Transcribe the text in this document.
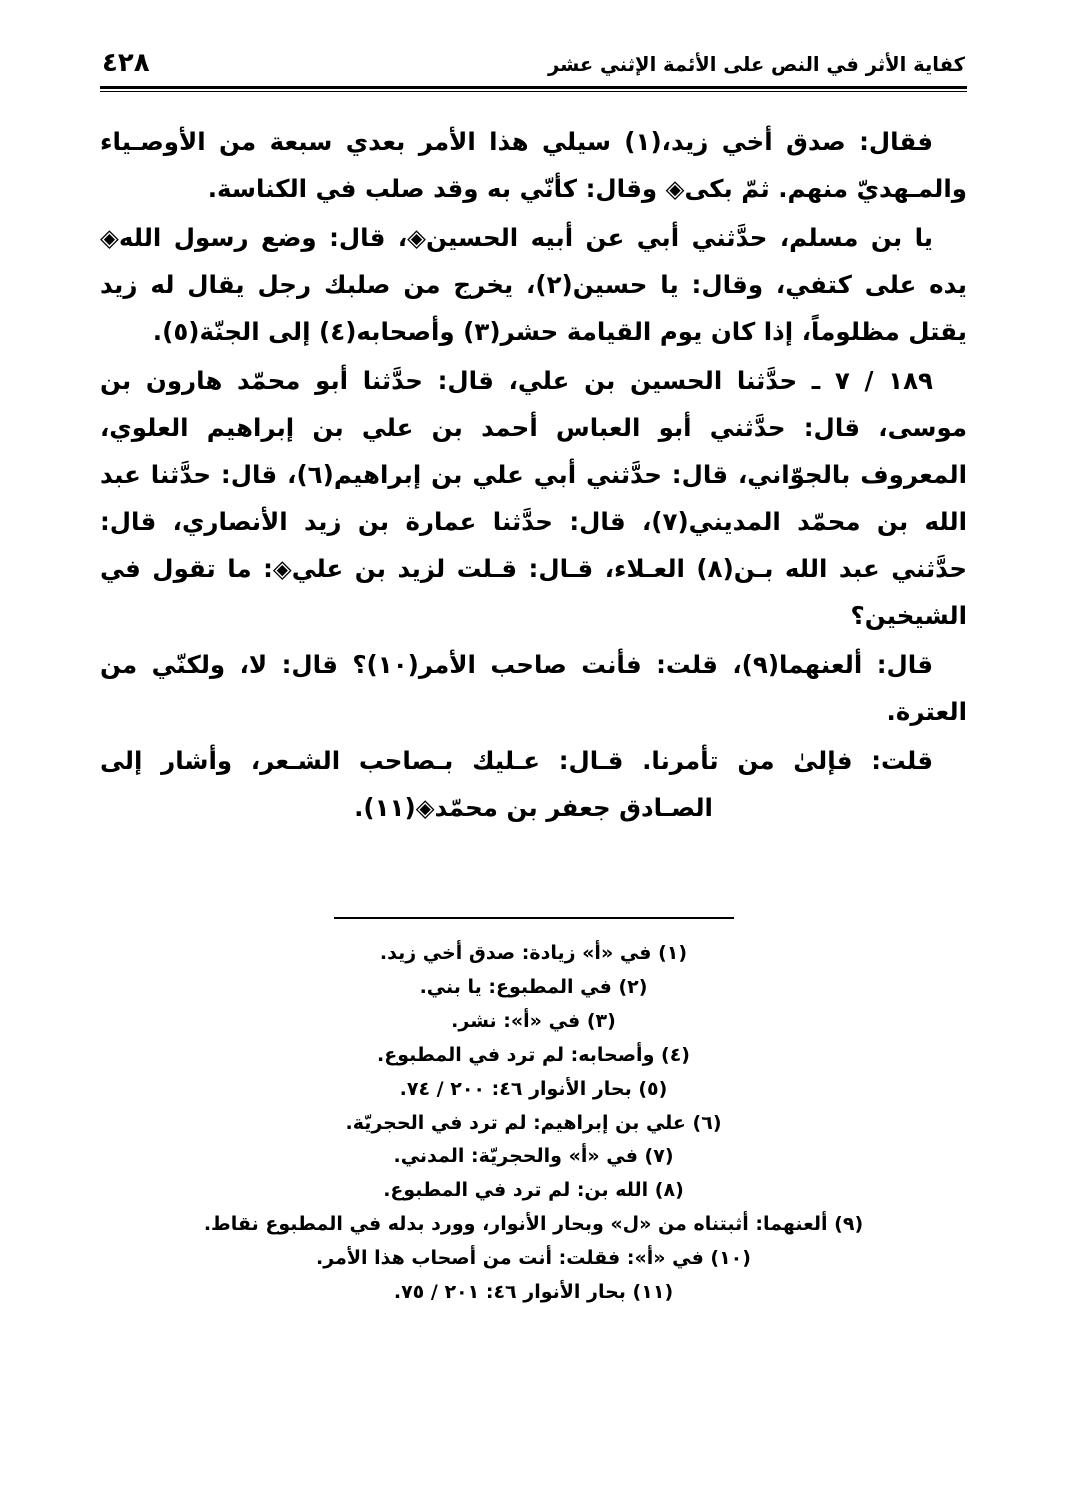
٤٢٨	كفاية الأثر في النص على الأئمة الإثني عشر

فقال: صدق أخي زيد،(١) سيلي هذا الأمر بعدي سبعة من الأوصـياء والمـهديّ منهم. ثمّ بكى◈ وقال: كأنّي به وقد صلب في الكناسة.

يا بن مسلم، حدَّثني أبي عن أبيه الحسين◈، قال: وضع رسول الله◈ يده على كتفي، وقال: يا حسين(٢)، يخرج من صلبك رجل يقال له زيد يقتل مظلوماً، إذا كان يوم القيامة حشر(٣) وأصحابه(٤) إلى الجنّة(٥).

١٨٩ / ٧ ـ حدَّثنا الحسين بن علي، قال: حدَّثنا أبو محمّد هارون بن موسى، قال: حدَّثني أبو العباس أحمد بن علي بن إبراهيم العلوي، المعروف بالجوّاني، قال: حدَّثني أبي علي بن إبراهيم(٦)، قال: حدَّثنا عبد الله بن محمّد المديني(٧)، قال: حدَّثنا عمارة بن زيد الأنصاري، قال: حدَّثني عبد الله بـن(٨) العـلاء، قـال: قـلت لزيد بن علي◈: ما تقول في الشيخين؟

قال: ألعنهما(٩)، قلت: فأنت صاحب الأمر(١٠)؟ قال: لا، ولكنّي من العترة.

قلت: فإلىٰ من تأمرنا. قـال: عـليك بـصاحب الشـعر، وأشار إلى الصـادق جعفر بن محمّد◈(١١).

(١) في «أ» زيادة: صدق أخي زيد.

(٢) في المطبوع: يا بني.

(٣) في «أ»: نشر.

(٤) وأصحابه: لم ترد في المطبوع.

(٥) بحار الأنوار ٤٦: ٢٠٠ / ٧٤.

(٦) علي بن إبراهيم: لم ترد في الحجريّة.

(٧) في «أ» والحجريّة: المدني.

(٨) الله بن: لم ترد في المطبوع.

(٩) ألعنهما: أثبتناه من «ل» وبحار الأنوار، وورد بدله في المطبوع نقاط.

(١٠) في «أ»: فقلت: أنت من أصحاب هذا الأمر.

(١١) بحار الأنوار ٤٦: ٢٠١ / ٧٥.
